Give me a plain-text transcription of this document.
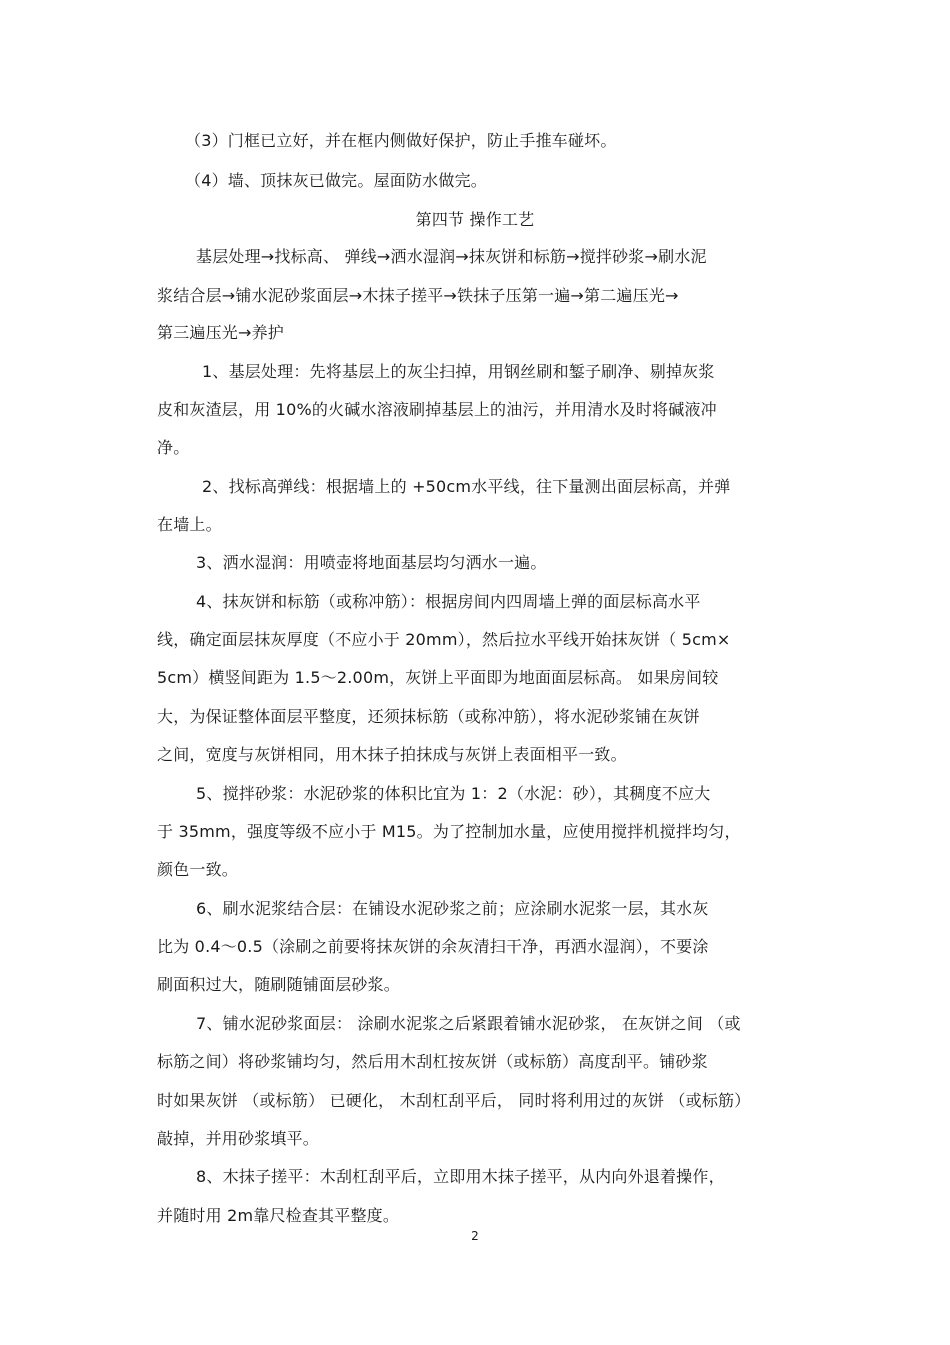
（3）门框已立好，并在框内侧做好保护，防止手推车碰坏。
（4）墙、顶抹灰已做完。屋面防水做完。
第四节 操作工艺
基层处理→找标高、 弹线→洒水湿润→抹灰饼和标筋→搅拌砂浆→刷水泥
浆结合层→铺水泥砂浆面层→木抹子搓平→铁抹子压第一遍→第二遍压光→
第三遍压光→养护
1、基层处理：先将基层上的灰尘扫掉，用钢丝刷和錾子刷净、剔掉灰浆
皮和灰渣层，用 10%的火碱水溶液刷掉基层上的油污，并用清水及时将碱液冲
净。
2、找标高弹线：根据墙上的 +50cm水平线，往下量测出面层标高，并弹
在墙上。
3、洒水湿润：用喷壶将地面基层均匀洒水一遍。
4、抹灰饼和标筋（或称冲筋）：根据房间内四周墙上弹的面层标高水平
线，确定面层抹灰厚度（不应小于 20mm），然后拉水平线开始抹灰饼（ 5cm×
5cm）横竖间距为 1.5～2.00m，灰饼上平面即为地面面层标高。 如果房间较
大，为保证整体面层平整度，还须抹标筋（或称冲筋），将水泥砂浆铺在灰饼
之间，宽度与灰饼相同，用木抹子拍抹成与灰饼上表面相平一致。
5、搅拌砂浆：水泥砂浆的体积比宜为 1：2（水泥：砂），其稠度不应大
于 35mm，强度等级不应小于 M15。为了控制加水量，应使用搅拌机搅拌均匀，
颜色一致。
6、刷水泥浆结合层：在铺设水泥砂浆之前；应涂刷水泥浆一层，其水灰
比为 0.4～0.5（涂刷之前要将抹灰饼的余灰清扫干净，再洒水湿润），不要涂
刷面积过大，随刷随铺面层砂浆。
7、铺水泥砂浆面层： 涂刷水泥浆之后紧跟着铺水泥砂浆， 在灰饼之间 （或
标筋之间）将砂浆铺均匀，然后用木刮杠按灰饼（或标筋）高度刮平。铺砂浆
时如果灰饼 （或标筋） 已硬化， 木刮杠刮平后， 同时将利用过的灰饼 （或标筋）
敲掉，并用砂浆填平。
8、木抹子搓平：木刮杠刮平后，立即用木抹子搓平，从内向外退着操作，
并随时用 2m靠尺检查其平整度。
2
